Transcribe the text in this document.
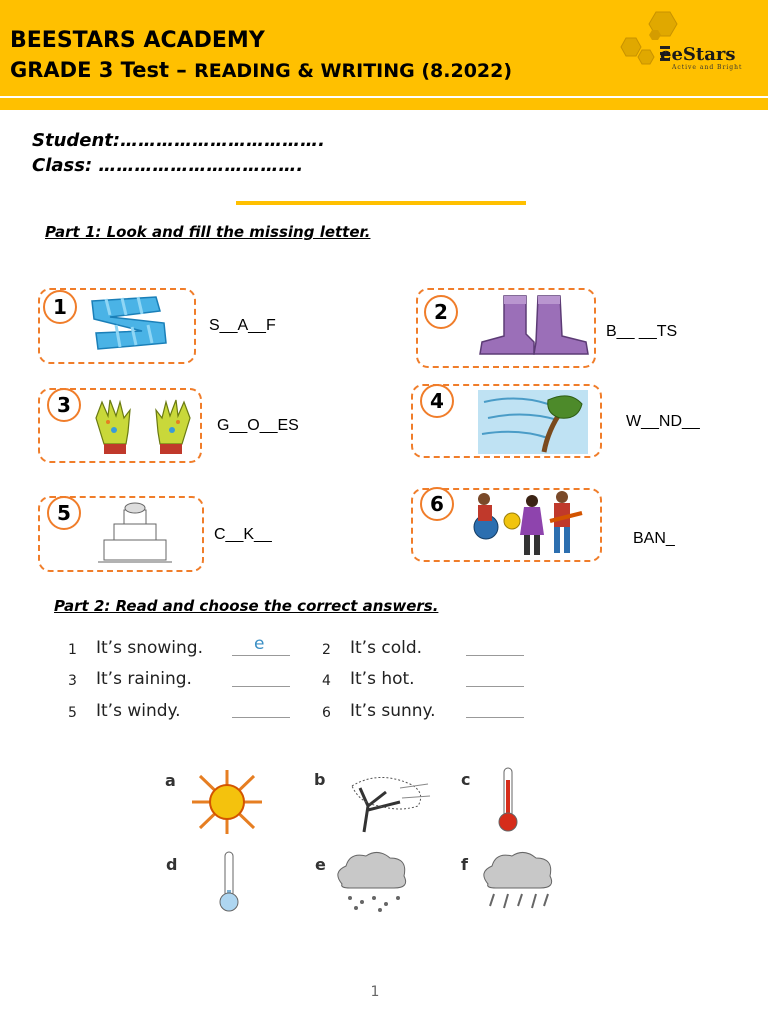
BEESTARS ACADEMY
GRADE 3 Test – READING & WRITING (8.2022)
eeStars
Active and Bright
Student:…………………………….
Class: …………………………….
Part 1: Look and fill the missing letter.
1
S__A__F
2
B__ __TS
3
G__O__ES
4
W__ND__
5
C__K__
6
BAN_
Part 2: Read and choose the correct answers.
1 It’s snowing.	e	2 It’s cold.
3 It’s raining.	4 It’s hot.
5 It’s windy.	6 It’s sunny.
a	b	c
d	e	f
1
